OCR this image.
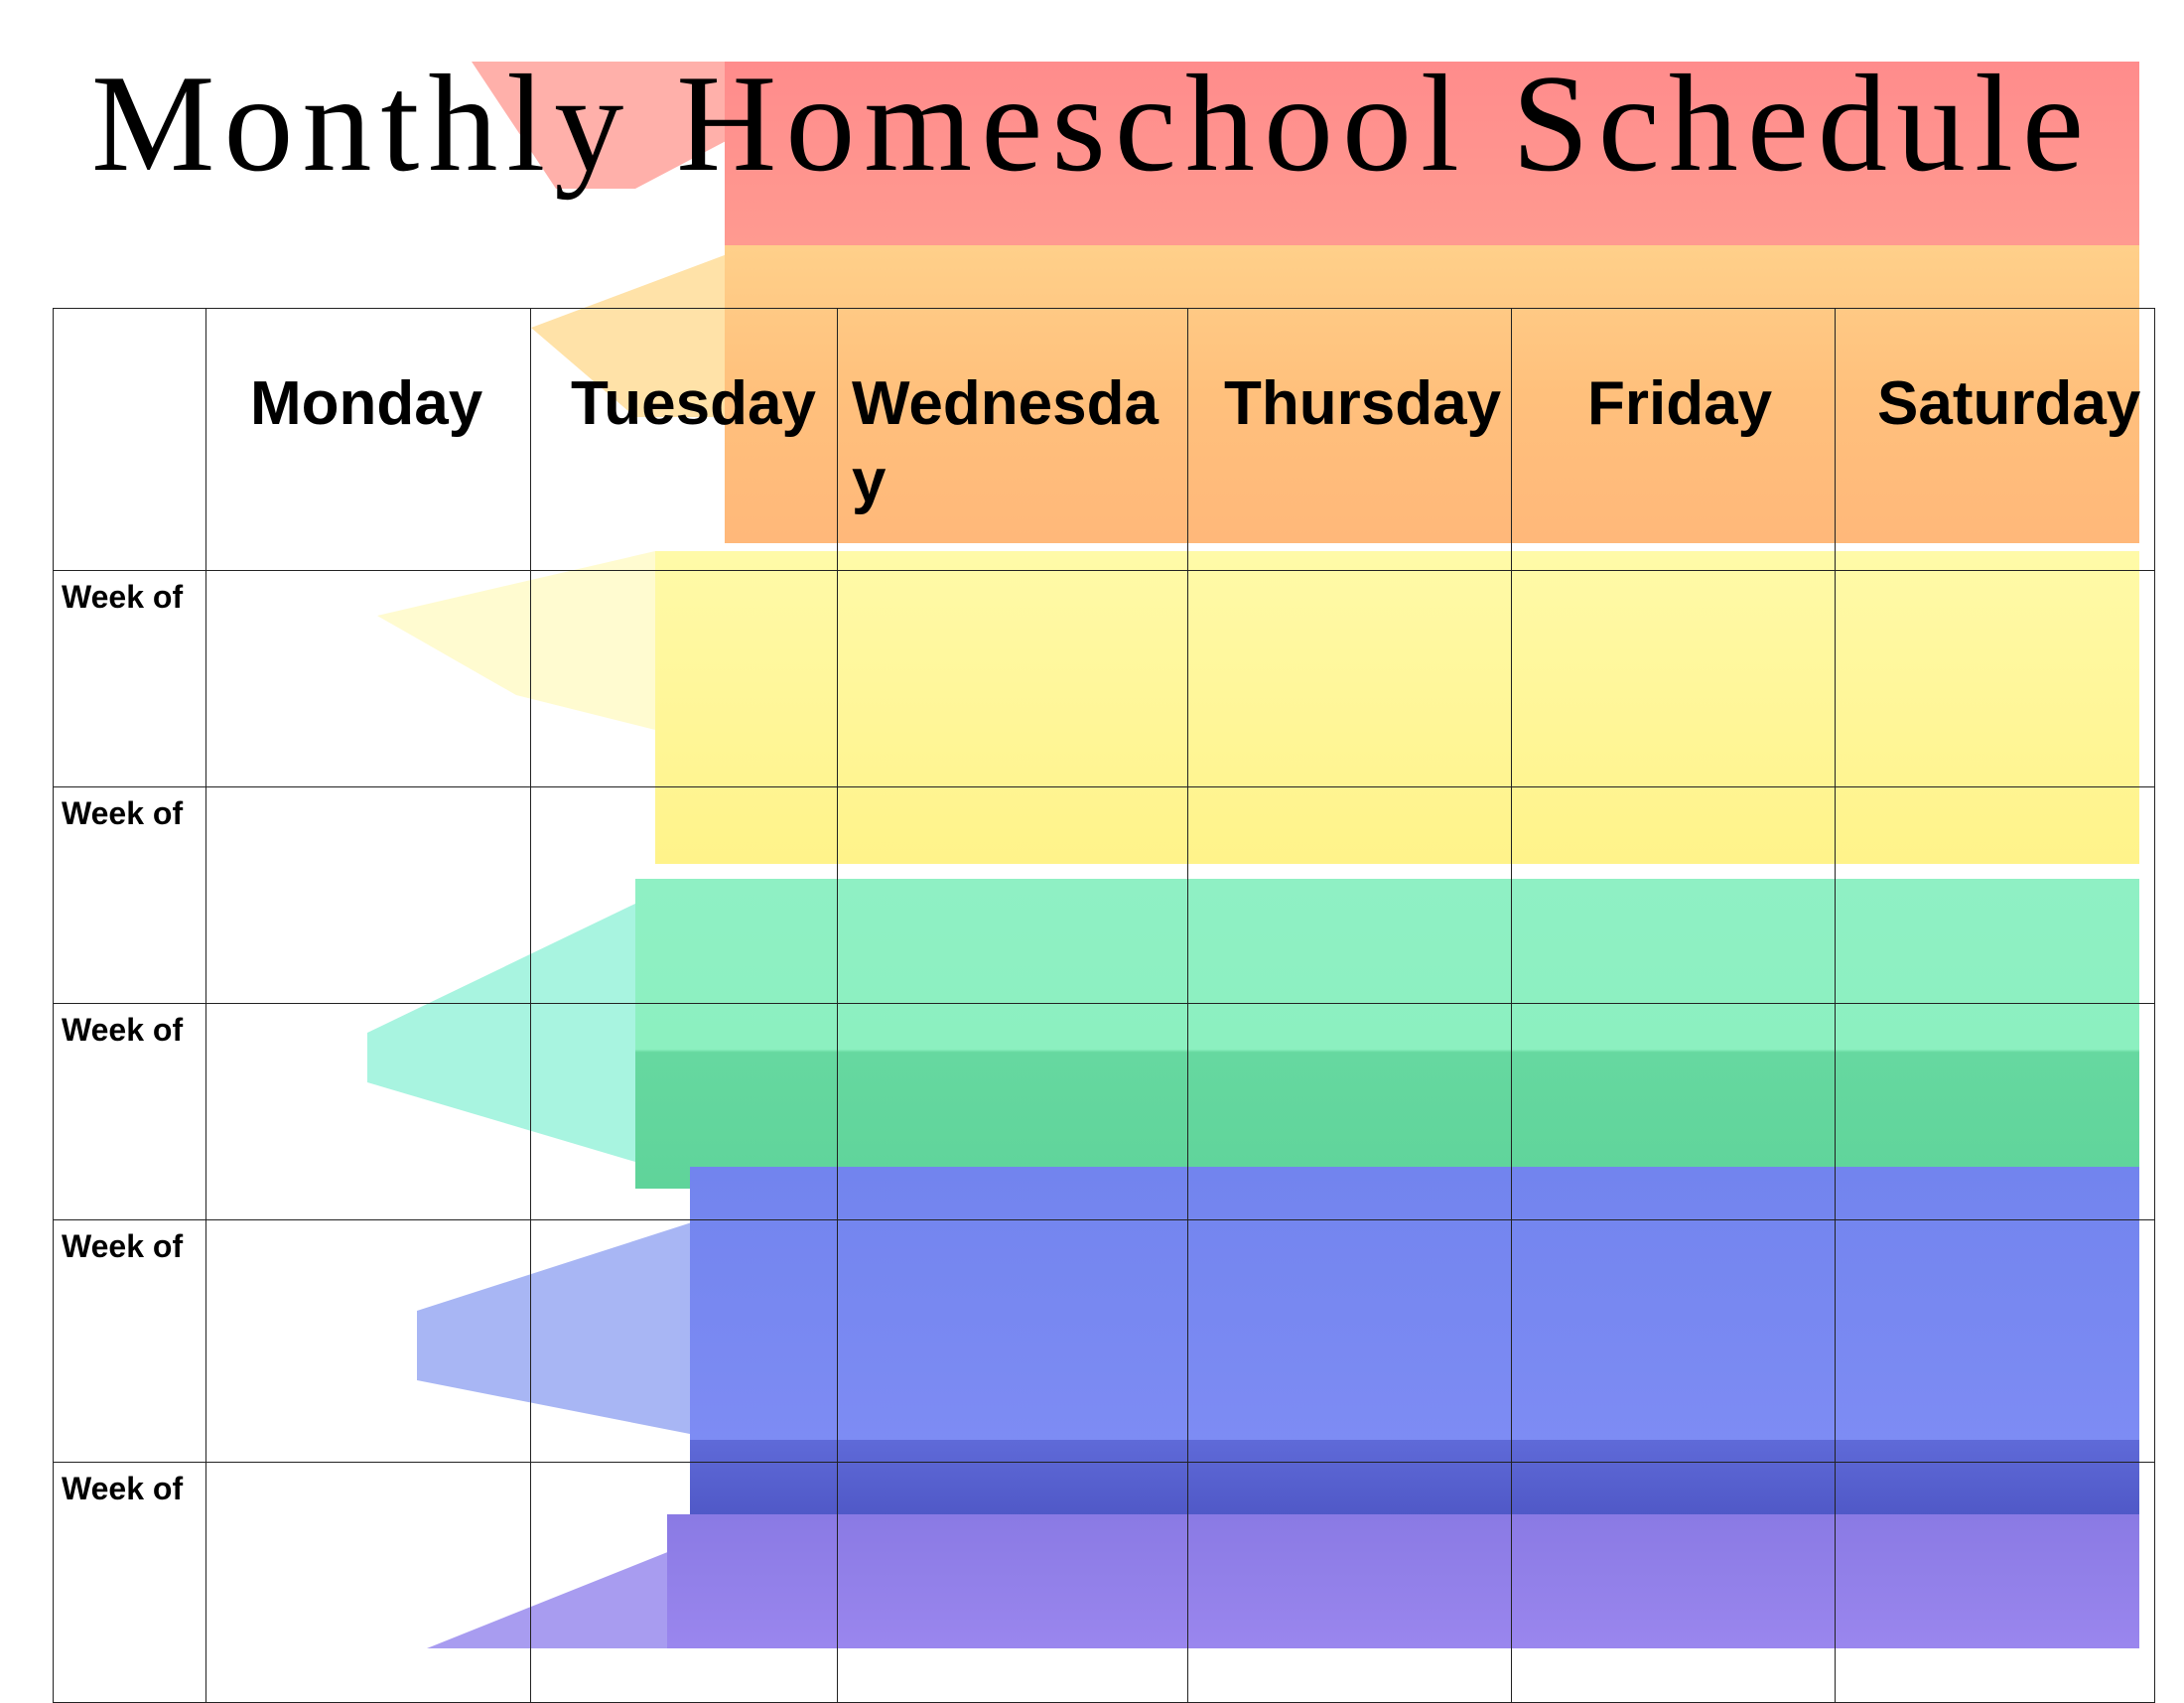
Monthly Homeschool Schedule
	Monday	Tuesday	Wednesday	Thursday	Friday	Saturday
Week of						
Week of						
Week of						
Week of						
Week of						
